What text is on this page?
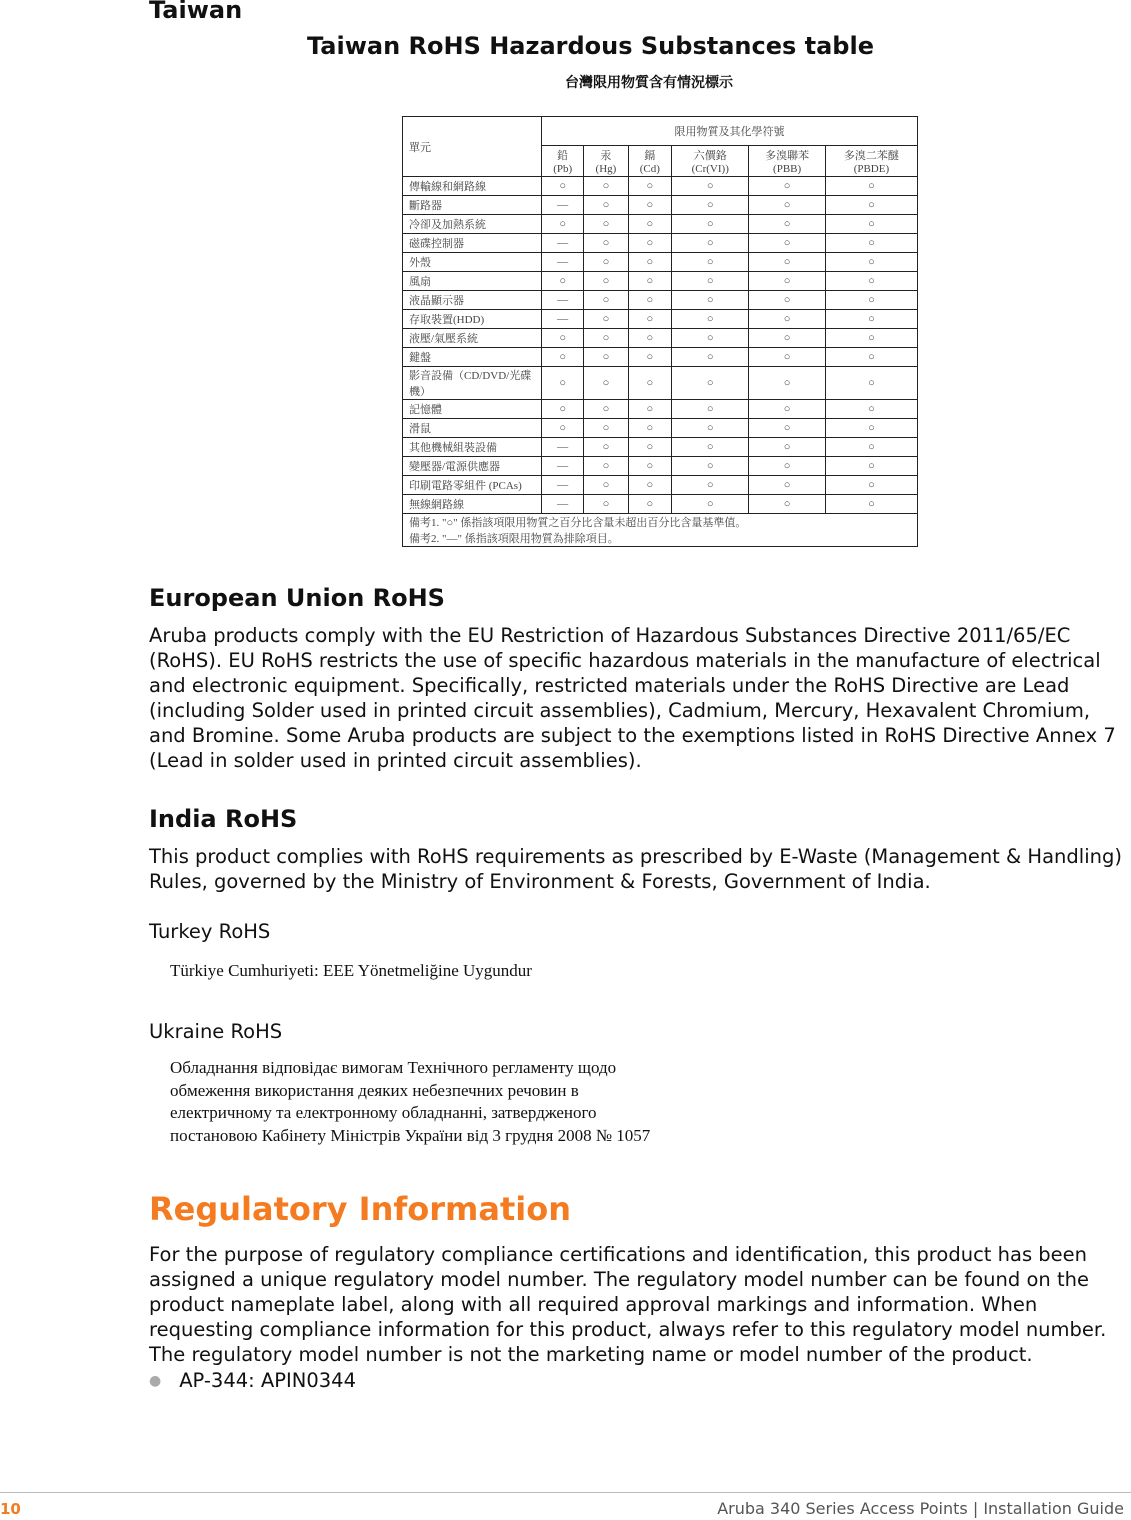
Taiwan
Taiwan RoHS Hazardous Substances table
台灣限用物質含有情況標示
單元	限用物質及其化學符號					
	鉛 (Pb)	汞 (Hg)	鎘 (Cd)	六價鉻 (Cr(VI))	多溴聯苯 (PBB)	多溴二苯醚 (PBDE)
傳輸線和網路線	○	○	○	○	○	○
斷路器	—	○	○	○	○	○
冷卻及加熱系統	○	○	○	○	○	○
磁碟控制器	—	○	○	○	○	○
外殼	—	○	○	○	○	○
風扇	○	○	○	○	○	○
液晶顯示器	—	○	○	○	○	○
存取裝置(HDD)	—	○	○	○	○	○
液壓/氣壓系統	○	○	○	○	○	○
鍵盤	○	○	○	○	○	○
影音設備（CD/DVD/光碟機）	○	○	○	○	○	○
記憶體	○	○	○	○	○	○
滑鼠	○	○	○	○	○	○
其他機械組裝設備	—	○	○	○	○	○
變壓器/電源供應器	—	○	○	○	○	○
印刷電路零組件 (PCAs)	—	○	○	○	○	○
無線網路線	—	○	○	○	○	○

備考1. "○" 係指該項限用物質之百分比含量未超出百分比含量基準值。
備考2. "—" 係指該項限用物質為排除項目。						
European Union RoHS

Aruba products comply with the EU Restriction of Hazardous Substances Directive 2011/65/EC (RoHS). EU RoHS restricts the use of specific hazardous materials in the manufacture of electrical and electronic equipment. Specifically, restricted materials under the RoHS Directive are Lead (including Solder used in printed circuit assemblies), Cadmium, Mercury, Hexavalent Chromium, and Bromine. Some Aruba products are subject to the exemptions listed in RoHS Directive Annex 7 (Lead in solder used in printed circuit assemblies).

India RoHS

This product complies with RoHS requirements as prescribed by E-Waste (Management & Handling) Rules, governed by the Ministry of Environment & Forests, Government of India.

Turkey RoHS

Türkiye Cumhuriyeti: EEE Yönetmeliğine Uygundur

Ukraine RoHS

Обладнання відповідає вимогам Технічного регламенту щодо
обмеження використання деяких небезпечних речовин в
електричному та електронному обладнанні, затвердженого
постановою Кабінету Міністрів України від 3 грудня 2008 № 1057
Regulatory Information

For the purpose of regulatory compliance certifications and identification, this product has been assigned a unique regulatory model number. The regulatory model number can be found on the product nameplate label, along with all required approval markings and information. When requesting compliance information for this product, always refer to this regulatory model number. The regulatory model number is not the marketing name or model number of the product.

● AP-344: APIN0344
10	Aruba 340 Series Access Points | Installation Guide
